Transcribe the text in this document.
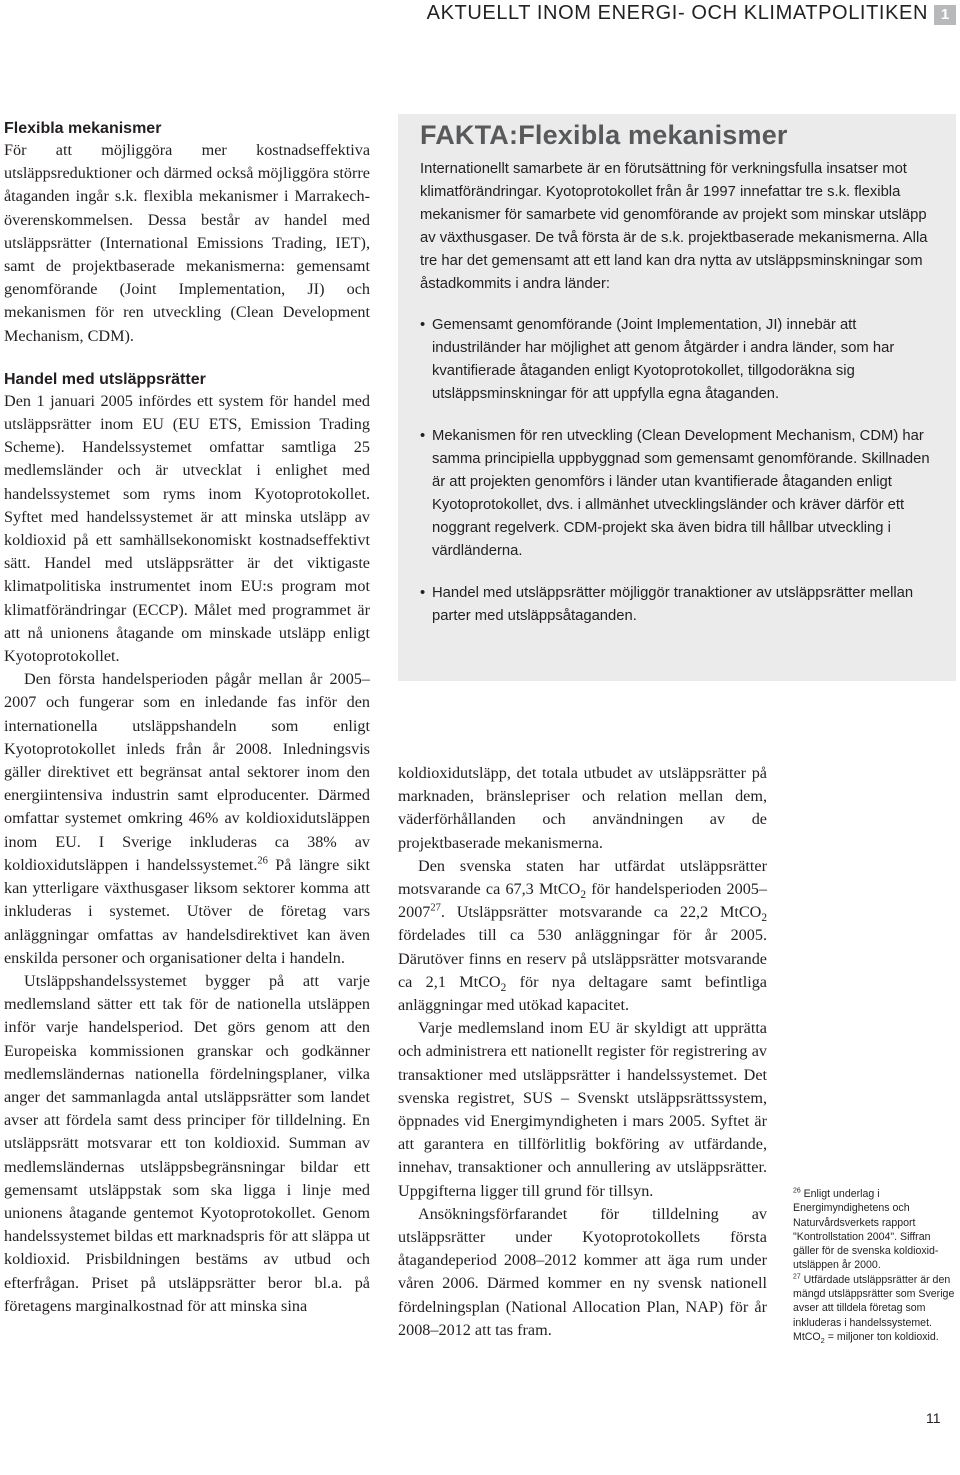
AKTUELLT INOM ENERGI- OCH KLIMATPOLITIKEN 1
Flexibla mekanismer

För att möjliggöra mer kostnadseffektiva utsläppsreduktioner och därmed också möjliggöra större åtaganden ingår s.k. flexibla mekanismer i Marrakech-överenskommelsen. Dessa består av handel med utsläppsrätter (International Emissions Trading, IET), samt de projektbaserade mekanismerna: gemensamt genomförande (Joint Implementation, JI) och mekanismen för ren utveckling (Clean Development Mechanism, CDM).

Handel med utsläppsrätter

Den 1 januari 2005 infördes ett system för handel med utsläppsrätter inom EU (EU ETS, Emission Trading Scheme). Handelssystemet omfattar samtliga 25 medlemsländer och är utvecklat i enlighet med handelssystemet som ryms inom Kyotoprotokollet. Syftet med handelssystemet är att minska utsläpp av koldioxid på ett samhällsekonomiskt kostnadseffektivt sätt. Handel med utsläppsrätter är det viktigaste klimatpolitiska instrumentet inom EU:s program mot klimatförändringar (ECCP). Målet med programmet är att nå unionens åtagande om minskade utsläpp enligt Kyotoprotokollet.

Den första handelsperioden pågår mellan år 2005–2007 och fungerar som en inledande fas inför den internationella utsläppshandeln som enligt Kyotoprotokollet inleds från år 2008. Inledningsvis gäller direktivet ett begränsat antal sektorer inom den energiintensiva industrin samt elproducenter. Därmed omfattar systemet omkring 46% av koldioxidutsläppen inom EU. I Sverige inkluderas ca 38% av koldioxidutsläppen i handelssystemet.$^{26}$ På längre sikt kan ytterligare växthusgaser liksom sektorer komma att inkluderas i systemet. Utöver de företag vars anläggningar omfattas av handelsdirektivet kan även enskilda personer och organisationer delta i handeln.

Utsläppshandelssystemet bygger på att varje medlemsland sätter ett tak för de nationella utsläppen inför varje handelsperiod. Det görs genom att den Europeiska kommissionen granskar och godkänner medlemsländernas nationella fördelningsplaner, vilka anger det sammanlagda antal utsläppsrätter som landet avser att fördela samt dess principer för tilldelning. En utsläppsrätt motsvarar ett ton koldioxid. Summan av medlemsländernas utsläppsbegränsningar bildar ett gemensamt utsläppstak som ska ligga i linje med unionens åtagande gentemot Kyotoprotokollet. Genom handelssystemet bildas ett marknadspris för att släppa ut koldioxid. Prisbildningen bestäms av utbud och efterfrågan. Priset på utsläppsrätter beror bl.a. på företagens marginalkostnad för att minska sina

FAKTA:Flexibla mekanismer

Internationellt samarbete är en förutsättning för verkningsfulla insatser mot klimatförändringar. Kyotoprotokollet från år 1997 innefattar tre s.k. flexibla mekanismer för samarbete vid genomförande av projekt som minskar utsläpp av växthusgaser. De två första är de s.k. projektbaserade mekanismerna. Alla tre har det gemensamt att ett land kan dra nytta av utsläppsminskningar som åstadkommits i andra länder:

• Gemensamt genomförande (Joint Implementation, JI) innebär att industriländer har möjlighet att genom åtgärder i andra länder, som har kvantifierade åtaganden enligt Kyotoprotokollet, tillgodoräkna sig utsläppsminskningar för att uppfylla egna åtaganden.
• Mekanismen för ren utveckling (Clean Development Mechanism, CDM) har samma principiella uppbyggnad som gemensamt genomförande. Skillnaden är att projekten genomförs i länder utan kvantifierade åtaganden enligt Kyotoprotokollet, dvs. i allmänhet utvecklingsländer och kräver därför ett noggrant regelverk. CDM-projekt ska även bidra till hållbar utveckling i värdländerna.
• Handel med utsläppsrätter möjliggör tranaktioner av utsläppsrätter mellan parter med utsläppsåtaganden.

koldioxidutsläpp, det totala utbudet av utsläppsrätter på marknaden, bränslepriser och relation mellan dem, väderförhållanden och användningen av de projektbaserade mekanismerna.

Den svenska staten har utfärdat utsläppsrätter motsvarande ca 67,3 MtCO$_2$ för handelsperioden 2005–2007$^{27}$. Utsläppsrätter motsvarande ca 22,2 MtCO$_2$ fördelades till ca 530 anläggningar för år 2005. Därutöver finns en reserv på utsläppsrätter motsvarande ca 2,1 MtCO$_2$ för nya deltagare samt befintliga anläggningar med utökad kapacitet.

Varje medlemsland inom EU är skyldigt att upprätta och administrera ett nationellt register för registrering av transaktioner med utsläppsrätter i handelssystemet. Det svenska registret, SUS – Svenskt utsläppsrättssystem, öppnades vid Energimyndigheten i mars 2005. Syftet är att garantera en tillförlitlig bokföring av utfärdande, innehav, transaktioner och annullering av utsläppsrätter. Uppgifterna ligger till grund för tillsyn.

Ansökningsförfarandet för tilldelning av utsläppsrätter under Kyotoprotokollets första åtagandeperiod 2008–2012 kommer att äga rum under våren 2006. Därmed kommer en ny svensk nationell fördelningsplan (National Allocation Plan, NAP) för år 2008–2012 att tas fram.

$^{26}$ Enligt underlag i Energimyndighetens och Naturvårdsverkets rapport "Kontrollstation 2004". Siffran gäller för de svenska koldioxid-utsläppen år 2000.

$^{27}$ Utfärdade utsläppsrätter är den mängd utsläppsrätter som Sverige avser att tilldela företag som inkluderas i handelssystemet. MtCO$_2$ = miljoner ton koldioxid.

11
